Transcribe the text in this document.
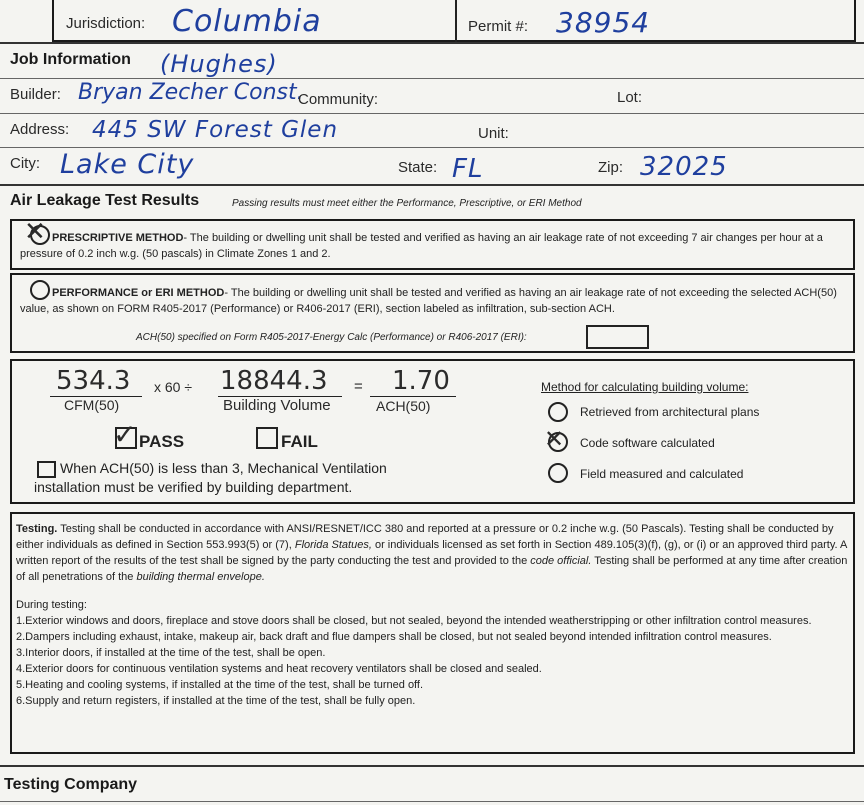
Jurisdiction: Columbia	Permit #: 38954
Job Information (Hughes)
Builder: Bryan Zecher Const.
Community:	Lot:
Address: 445 SW Forest Glen	Unit:
City: Lake City	State: FL	Zip: 32025
Air Leakage Test Results	Passing results must meet either the Performance, Prescriptive, or ERI Method
✕ PRESCRIPTIVE METHOD- The building or dwelling unit shall be tested and verified as having an air leakage rate of not exceeding 7 air changes per hour at a pressure of 0.2 inch w.g. (50 pascals) in Climate Zones 1 and 2.
PERFORMANCE or ERI METHOD- The building or dwelling unit shall be tested and verified as having an air leakage rate of not exceeding the selected ACH(50) value, as shown on FORM R405-2017 (Performance) or R406-2017 (ERI), section labeled as infiltration, sub-section ACH.
ACH(50) specified on Form R405-2017-Energy Calc (Performance) or R406-2017 (ERI):
534.3
CFM(50)
x 60 ÷ 18844.3
Building Volume
= 1.70
ACH(50)
✓ PASS	FAIL
When ACH(50) is less than 3, Mechanical Ventilation
installation must be verified by building department.
Method for calculating building volume:
Retrieved from architectural plans
✕ Code software calculated
Field measured and calculated
Testing. Testing shall be conducted in accordance with ANSI/RESNET/ICC 380 and reported at a pressure or 0.2 inche w.g. (50 Pascals). Testing shall be conducted by either individuals as defined in Section 553.993(5) or (7), Florida Statues, or individuals licensed as set forth in Section 489.105(3)(f), (g), or (i) or an approved third party. A written report of the results of the test shall be signed by the party conducting the test and provided to the code official. Testing shall be performed at any time after creation of all penetrations of the building thermal envelope.
During testing:
1.Exterior windows and doors, fireplace and stove doors shall be closed, but not sealed, beyond the intended weatherstripping or other infiltration control measures.
2.Dampers including exhaust, intake, makeup air, back draft and flue dampers shall be closed, but not sealed beyond intended infiltration control measures.
3.Interior doors, if installed at the time of the test, shall be open.
4.Exterior doors for continuous ventilation systems and heat recovery ventilators shall be closed and sealed.
5.Heating and cooling systems, if installed at the time of the test, shall be turned off.
6.Supply and return registers, if installed at the time of the test, shall be fully open.
Testing Company
